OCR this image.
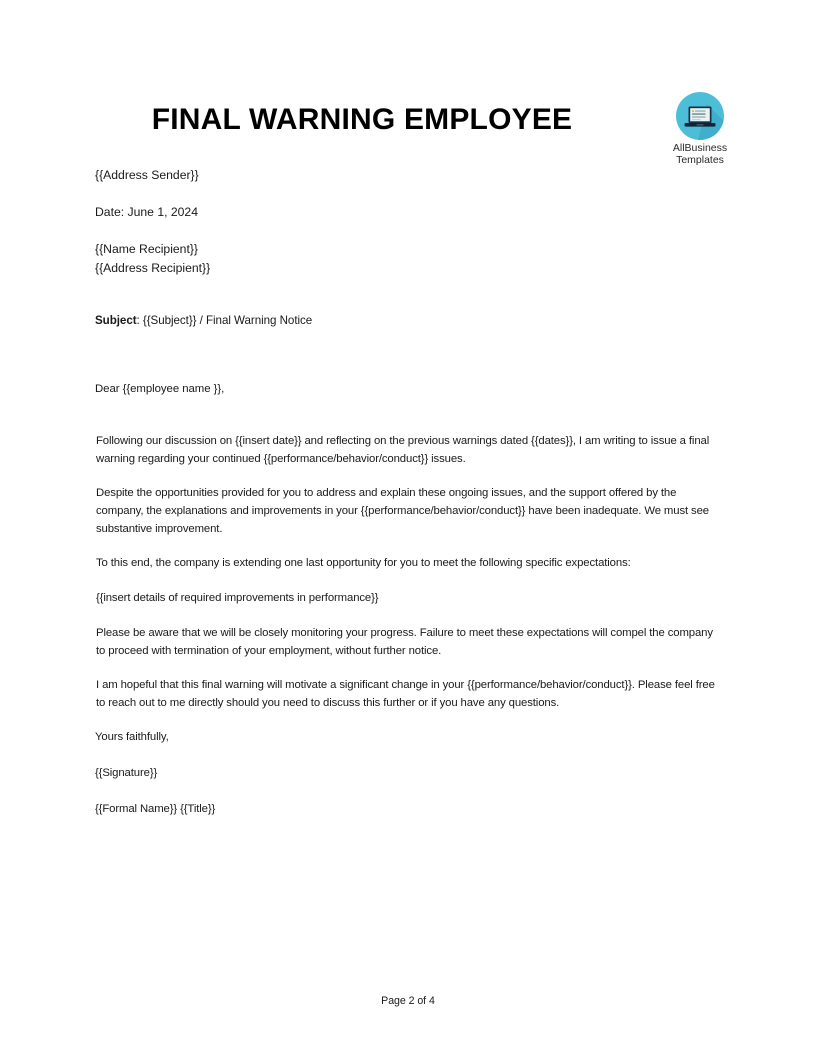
FINAL WARNING EMPLOYEE
AllBusiness
Templates
{{Address Sender}}
Date: June 1, 2024
{{Name Recipient}}
{{Address Recipient}}
Subject: {{Subject}} / Final Warning Notice
Dear {{employee name }},

Following our discussion on {{insert date}} and reflecting on the previous warnings dated {{dates}}, I am writing to issue a final warning regarding your continued {{performance/behavior/conduct}} issues.

Despite the opportunities provided for you to address and explain these ongoing issues, and the support offered by the company, the explanations and improvements in your {{performance/behavior/conduct}} have been inadequate. We must see substantive improvement.

To this end, the company is extending one last opportunity for you to meet the following specific expectations:

{{insert details of required improvements in performance}}

Please be aware that we will be closely monitoring your progress. Failure to meet these expectations will compel the company to proceed with termination of your employment, without further notice.

I am hopeful that this final warning will motivate a significant change in your {{performance/behavior/conduct}}. Please feel free to reach out to me directly should you need to discuss this further or if you have any questions.

Yours faithfully,

{{Signature}}

{{Formal Name}} {{Title}}

Page 2 of 4
